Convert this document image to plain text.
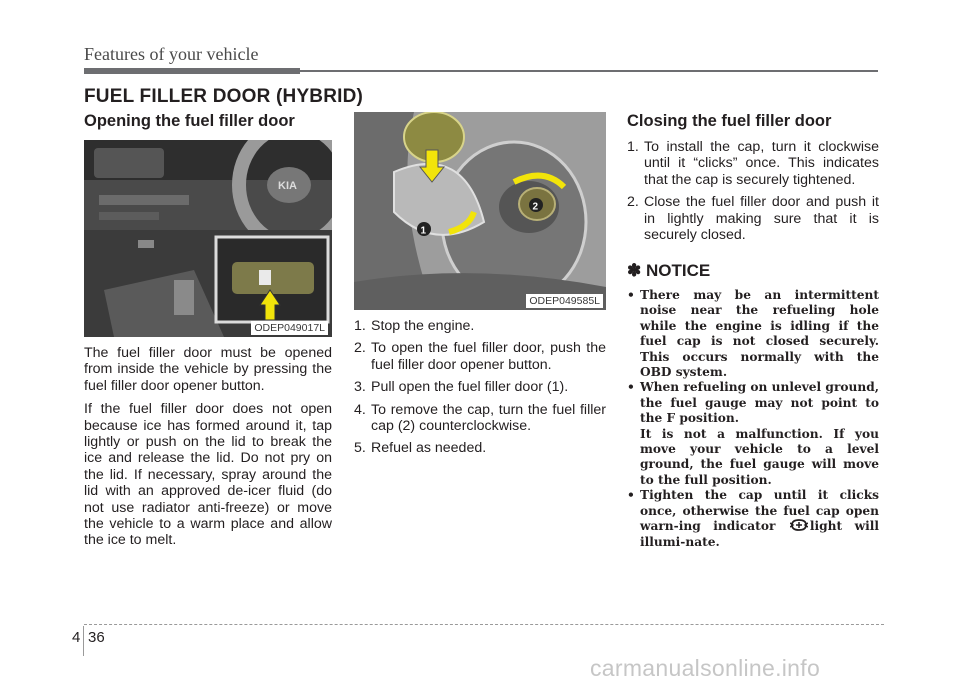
Features of your vehicle
FUEL FILLER DOOR (HYBRID)
Opening the fuel filler door
KIA
ODEP049017L

The fuel filler door must be opened from inside the vehicle by pressing the fuel filler door opener button.

If the fuel filler door does not open because ice has formed around it, tap lightly or push on the lid to break the ice and release the lid. Do not pry on the lid. If necessary, spray around the lid with an approved de-icer fluid (do not use radiator anti-freeze) or move the vehicle to a warm place and allow the ice to melt.

1
2
ODEP049585L
1. Stop the engine.
2. To open the fuel filler door, push the fuel filler door opener button.
3. Pull open the fuel filler door (1).
4. To remove the cap, turn the fuel filler cap (2) counterclockwise.
5. Refuel as needed.
Closing the fuel filler door
1. To install the cap, turn it clockwise until it “clicks” once. This indicates that the cap is securely tightened.
2. Close the fuel filler door and push it in lightly making sure that it is securely closed.
✽ NOTICE
• There may be an intermittent noise near the refueling hole while the engine is idling if the fuel cap is not closed securely. This occurs normally with the OBD system.
• When refueling on unlevel ground, the fuel gauge may not point to the F position.
It is not a malfunction. If you move your vehicle to a level ground, the fuel gauge will move to the full position.
• Tighten the cap until it clicks once, otherwise the fuel cap open warn-ing indicator	light will illumi-nate.
4 36
carmanualsonline.info
